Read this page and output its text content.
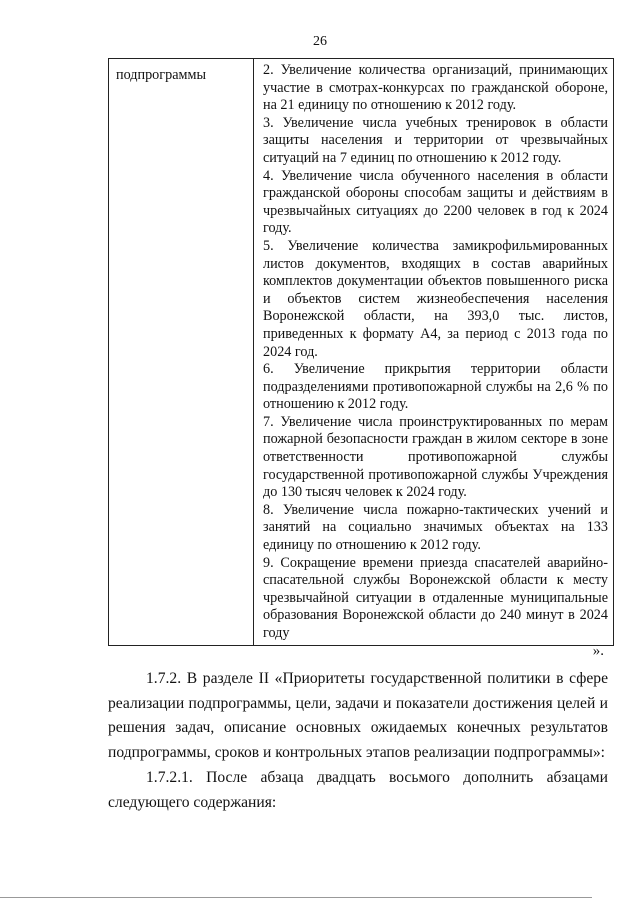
26
подпрограммы	2. Увеличение количества организаций, принимающих участие в смотрах-конкурсах по гражданской обороне, на 21 единицу по отношению к 2012 году.
3. Увеличение числа учебных тренировок в области защиты населения и территории от чрезвычайных ситуаций на 7 единиц по отношению к 2012 году.
4. Увеличение числа обученного населения в области гражданской обороны способам защиты и действиям в чрезвычайных ситуациях до 2200 человек в год к 2024 году.
5. Увеличение количества замикрофильмированных листов документов, входящих в состав аварийных комплектов документации объектов повышенного риска и объектов систем жизнеобеспечения населения Воронежской области, на 393,0 тыс. листов, приведенных к формату А4, за период с 2013 года по 2024 год.
6. Увеличение прикрытия территории области подразделениями противопожарной службы на 2,6 % по отношению к 2012 году.
7. Увеличение числа проинструктированных по мерам пожарной безопасности граждан в жилом секторе в зоне ответственности противопожарной службы государственной противопожарной службы Учреждения до 130 тысяч человек к 2024 году.
8. Увеличение числа пожарно-тактических учений и занятий на социально значимых объектах на 133 единицу по отношению к 2012 году.
9. Сокращение времени приезда спасателей аварийно-спасательной службы Воронежской области к месту чрезвычайной ситуации в отдаленные муниципальные образования Воронежской области до 240 минут в 2024 году

».

1.7.2. В разделе II «Приоритеты государственной политики в сфере реализации подпрограммы, цели, задачи и показатели достижения целей и решения задач, описание основных ожидаемых конечных результатов подпрограммы, сроков и контрольных этапов реализации подпрограммы»:

1.7.2.1. После абзаца двадцать восьмого дополнить абзацами следующего содержания:
